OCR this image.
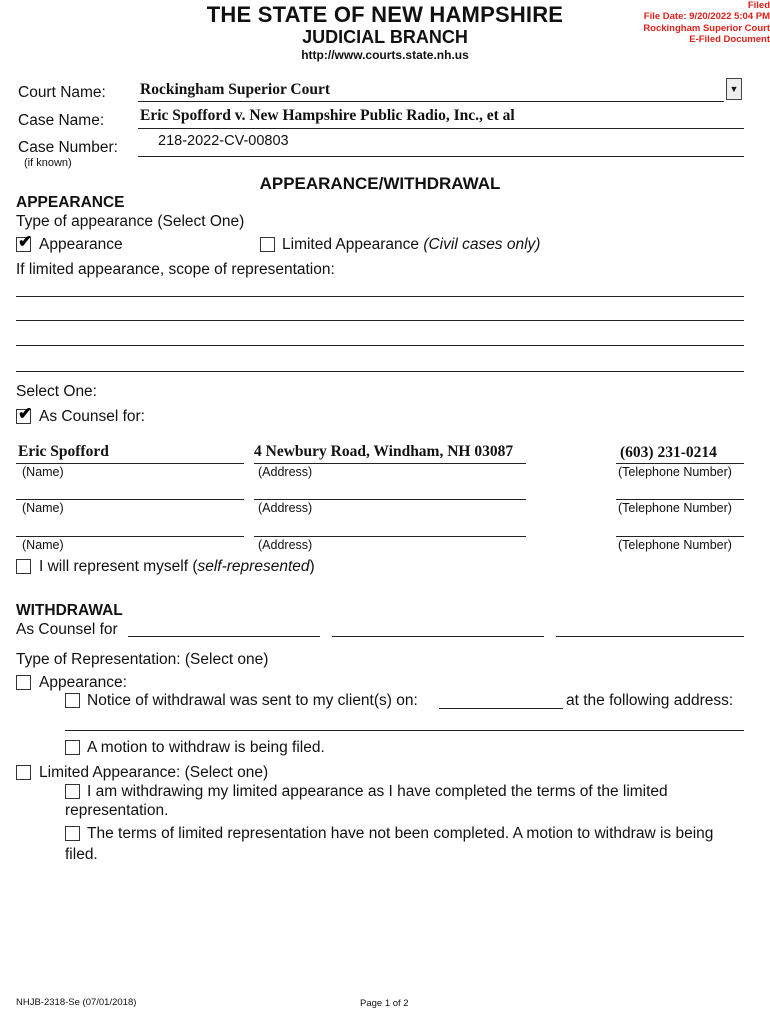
THE STATE OF NEW HAMPSHIRE
JUDICIAL BRANCH
http://www.courts.state.nh.us
Filed
File Date: 9/20/2022 5:04 PM
Rockingham Superior Court
E-Filed Document
Court Name: Rockingham Superior Court	▼
Case Name: Eric Spofford v. New Hampshire Public Radio, Inc., et al
Case Number:
(if known)
218-2022-CV-00803
APPEARANCE/WITHDRAWAL
APPEARANCE
Type of appearance (Select One)
✔ Appearance	Limited Appearance (Civil cases only)
If limited appearance, scope of representation:
Select One:
✔ As Counsel for:
Eric Spofford	4 Newbury Road, Windham, NH 03087	(603) 231-0214
(Name)	(Address)	(Telephone Number)
(Name)	(Address)	(Telephone Number)
(Name)	(Address)	(Telephone Number)
I will represent myself (self-represented)
WITHDRAWAL
As Counsel for
Type of Representation: (Select one)
Appearance:
Notice of withdrawal was sent to my client(s) on:	at the following address:
A motion to withdraw is being filed.
Limited Appearance: (Select one)
I am withdrawing my limited appearance as I have completed the terms of the limited
representation.
The terms of limited representation have not been completed. A motion to withdraw is being
filed.
NHJB-2318-Se (07/01/2018)	Page 1 of 2
